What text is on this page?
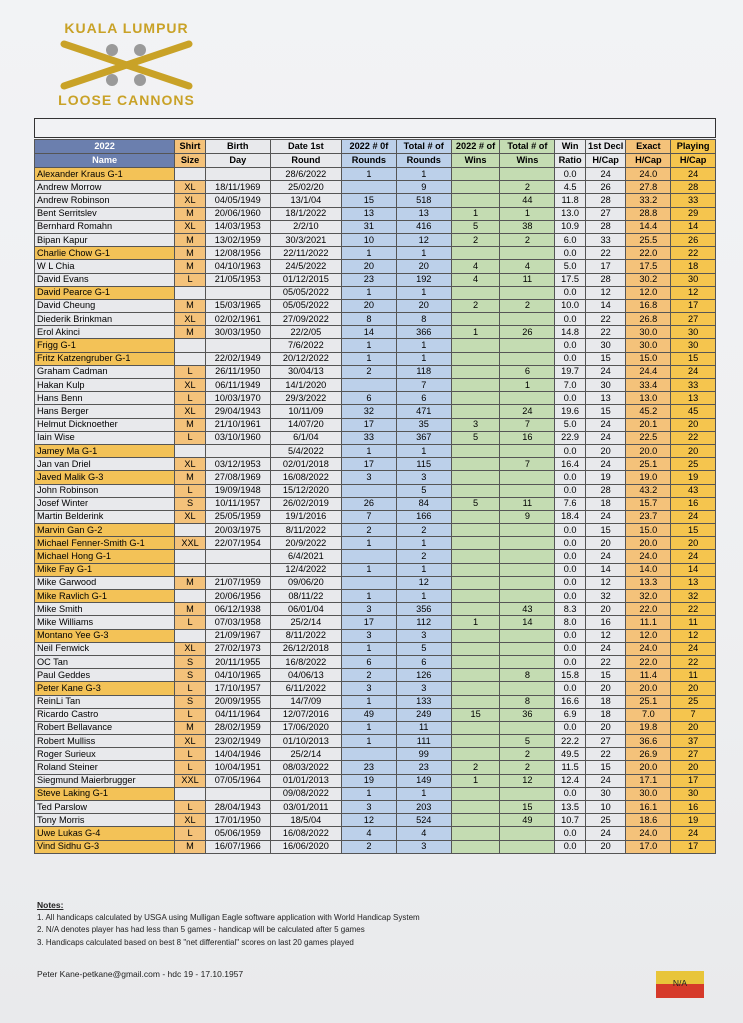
KUALA LUMPUR
LOOSE CANNONS
2022	Shirt	Birth	Date 1st	2022 # 0f	Total # of	2022 # of	Total # of	Win	1st Decl	Exact	Playing
Name	Size	Day	Round	Rounds	Rounds	Wins	Wins	Ratio	H/Cap	H/Cap	H/Cap
Alexander Kraus G-1			28/6/2022	1	1			0.0	24	24.0	24
Andrew Morrow	XL	18/11/1969	25/02/20		9		2	4.5	26	27.8	28
Andrew Robinson	XL	04/05/1949	13/1/04	15	518		44	11.8	28	33.2	33
Bent Serritslev	M	20/06/1960	18/1/2022	13	13	1	1	13.0	27	28.8	29
Bernhard Romahn	XL	14/03/1953	2/2/10	31	416	5	38	10.9	28	14.4	14
Bipan Kapur	M	13/02/1959	30/3/2021	10	12	2	2	6.0	33	25.5	26
Charlie Chow G-1	M	12/08/1956	22/11/2022	1	1			0.0	22	22.0	22
W L Chia	M	04/10/1963	24/5/2022	20	20	4	4	5.0	17	17.5	18
David Evans	L	21/05/1953	01/12/2015	23	192	4	11	17.5	28	30.2	30
David Pearce G-1			05/05/2022	1	1			0.0	12	12.0	12
David Cheung	M	15/03/1965	05/05/2022	20	20	2	2	10.0	14	16.8	17
Diederik Brinkman	XL	02/02/1961	27/09/2022	8	8			0.0	22	26.8	27
Erol Akinci	M	30/03/1950	22/2/05	14	366	1	26	14.8	22	30.0	30
Frigg G-1			7/6/2022	1	1			0.0	30	30.0	30
Fritz Katzengruber G-1		22/02/1949	20/12/2022	1	1			0.0	15	15.0	15
Graham Cadman	L	26/11/1950	30/04/13	2	118		6	19.7	24	24.4	24
Hakan Kulp	XL	06/11/1949	14/1/2020		7		1	7.0	30	33.4	33
Hans Benn	L	10/03/1970	29/3/2022	6	6			0.0	13	13.0	13
Hans Berger	XL	29/04/1943	10/11/09	32	471		24	19.6	15	45.2	45
Helmut Dicknoether	M	21/10/1961	14/07/20	17	35	3	7	5.0	24	20.1	20
Iain Wise	L	03/10/1960	6/1/04	33	367	5	16	22.9	24	22.5	22
Jamey Ma G-1			5/4/2022	1	1			0.0	20	20.0	20
Jan van Driel	XL	03/12/1953	02/01/2018	17	115		7	16.4	24	25.1	25
Javed Malik G-3	M	27/08/1969	16/08/2022	3	3			0.0	19	19.0	19
John Robinson	L	19/09/1948	15/12/2020		5			0.0	28	43.2	43
Josef Winter	S	10/11/1957	26/02/2019	26	84	5	11	7.6	18	15.7	16
Martin Belderink	XL	25/05/1959	19/1/2016	7	166		9	18.4	24	23.7	24
Marvin Gan G-2		20/03/1975	8/11/2022	2	2			0.0	15	15.0	15
Michael Fenner-Smith G-1	XXL	22/07/1954	20/9/2022	1	1			0.0	20	20.0	20
Michael Hong G-1			6/4/2021		2			0.0	24	24.0	24
Mike Fay G-1			12/4/2022	1	1			0.0	14	14.0	14
Mike Garwood	M	21/07/1959	09/06/20		12			0.0	12	13.3	13
Mike Ravlich G-1		20/06/1956	08/11/22	1	1			0.0	32	32.0	32
Mike Smith	M	06/12/1938	06/01/04	3	356		43	8.3	20	22.0	22
Mike Williams	L	07/03/1958	25/2/14	17	112	1	14	8.0	16	11.1	11
Montano Yee G-3		21/09/1967	8/11/2022	3	3			0.0	12	12.0	12
Neil Fenwick	XL	27/02/1973	26/12/2018	1	5			0.0	24	24.0	24
OC Tan	S	20/11/1955	16/8/2022	6	6			0.0	22	22.0	22
Paul Geddes	S	04/10/1965	04/06/13	2	126		8	15.8	15	11.4	11
Peter Kane G-3	L	17/10/1957	6/11/2022	3	3			0.0	20	20.0	20
ReinLi Tan	S	20/09/1955	14/7/09	1	133		8	16.6	18	25.1	25
Ricardo Castro	L	04/11/1964	12/07/2016	49	249	15	36	6.9	18	7.0	7
Robert Bellavance	M	28/02/1959	17/06/2020	1	11			0.0	20	19.8	20
Robert Mulliss	XL	23/02/1949	01/10/2013	1	111		5	22.2	27	36.6	37
Roger Surieux	L	14/04/1946	25/2/14		99		2	49.5	22	26.9	27
Roland Steiner	L	10/04/1951	08/03/2022	23	23	2	2	11.5	15	20.0	20
Siegmund Maierbrugger	XXL	07/05/1964	01/01/2013	19	149	1	12	12.4	24	17.1	17
Steve Laking G-1			09/08/2022	1	1			0.0	30	30.0	30
Ted Parslow	L	28/04/1943	03/01/2011	3	203		15	13.5	10	16.1	16
Tony Morris	XL	17/01/1950	18/5/04	12	524		49	10.7	25	18.6	19
Uwe Lukas G-4	L	05/06/1959	16/08/2022	4	4			0.0	24	24.0	24
Vind Sidhu G-3	M	16/07/1966	16/06/2020	2	3			0.0	20	17.0	17
Notes:
1. All handicaps calculated by USGA using Mulligan Eagle software application with World Handicap System
2. N/A denotes player has had less than 5 games - handicap will be calculated after 5 games
3. Handicaps calculated based on best 8 "net differential" scores on last 20 games played
Peter Kane-petkane@gmail.com - hdc 19 - 17.10.1957
N/A
